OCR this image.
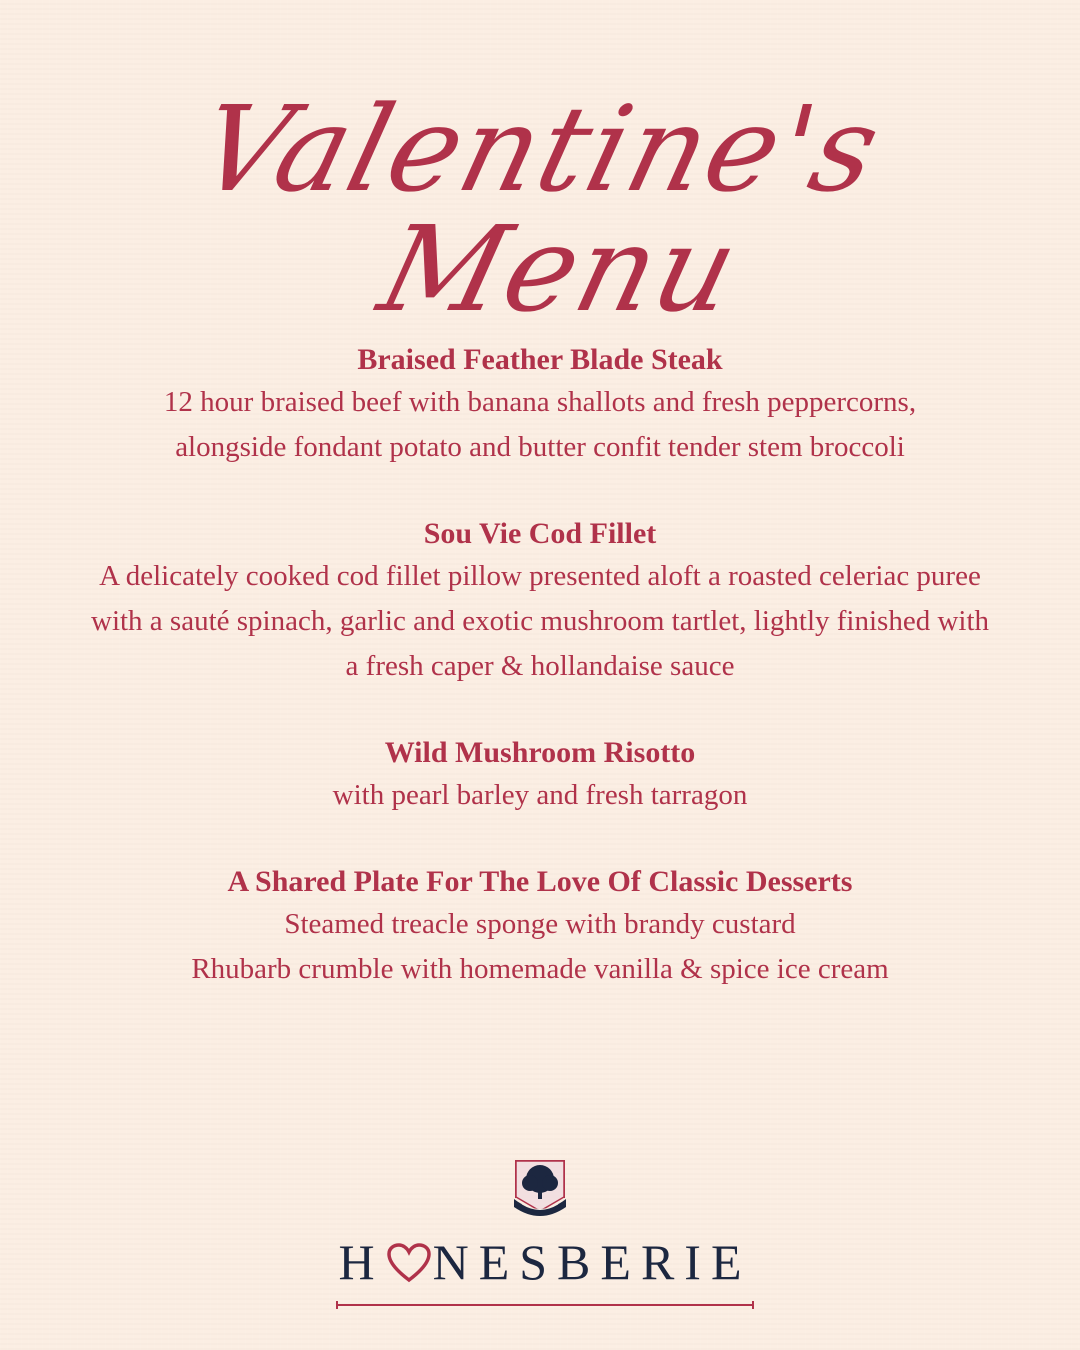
Valentine's
Menu

Braised Feather Blade Steak

12 hour braised beef with banana shallots and fresh peppercorns, alongside fondant potato and butter confit tender stem broccoli

Sou Vie Cod Fillet

A delicately cooked cod fillet pillow presented aloft a roasted celeriac puree with a sauté spinach, garlic and exotic mushroom tartlet, lightly finished with a fresh caper & hollandaise sauce

Wild Mushroom Risotto

with pearl barley and fresh tarragon

A Shared Plate For The Love Of Classic Desserts

Steamed treacle sponge with brandy custard

Rhubarb crumble with homemade vanilla & spice ice cream

H NESBERIE
